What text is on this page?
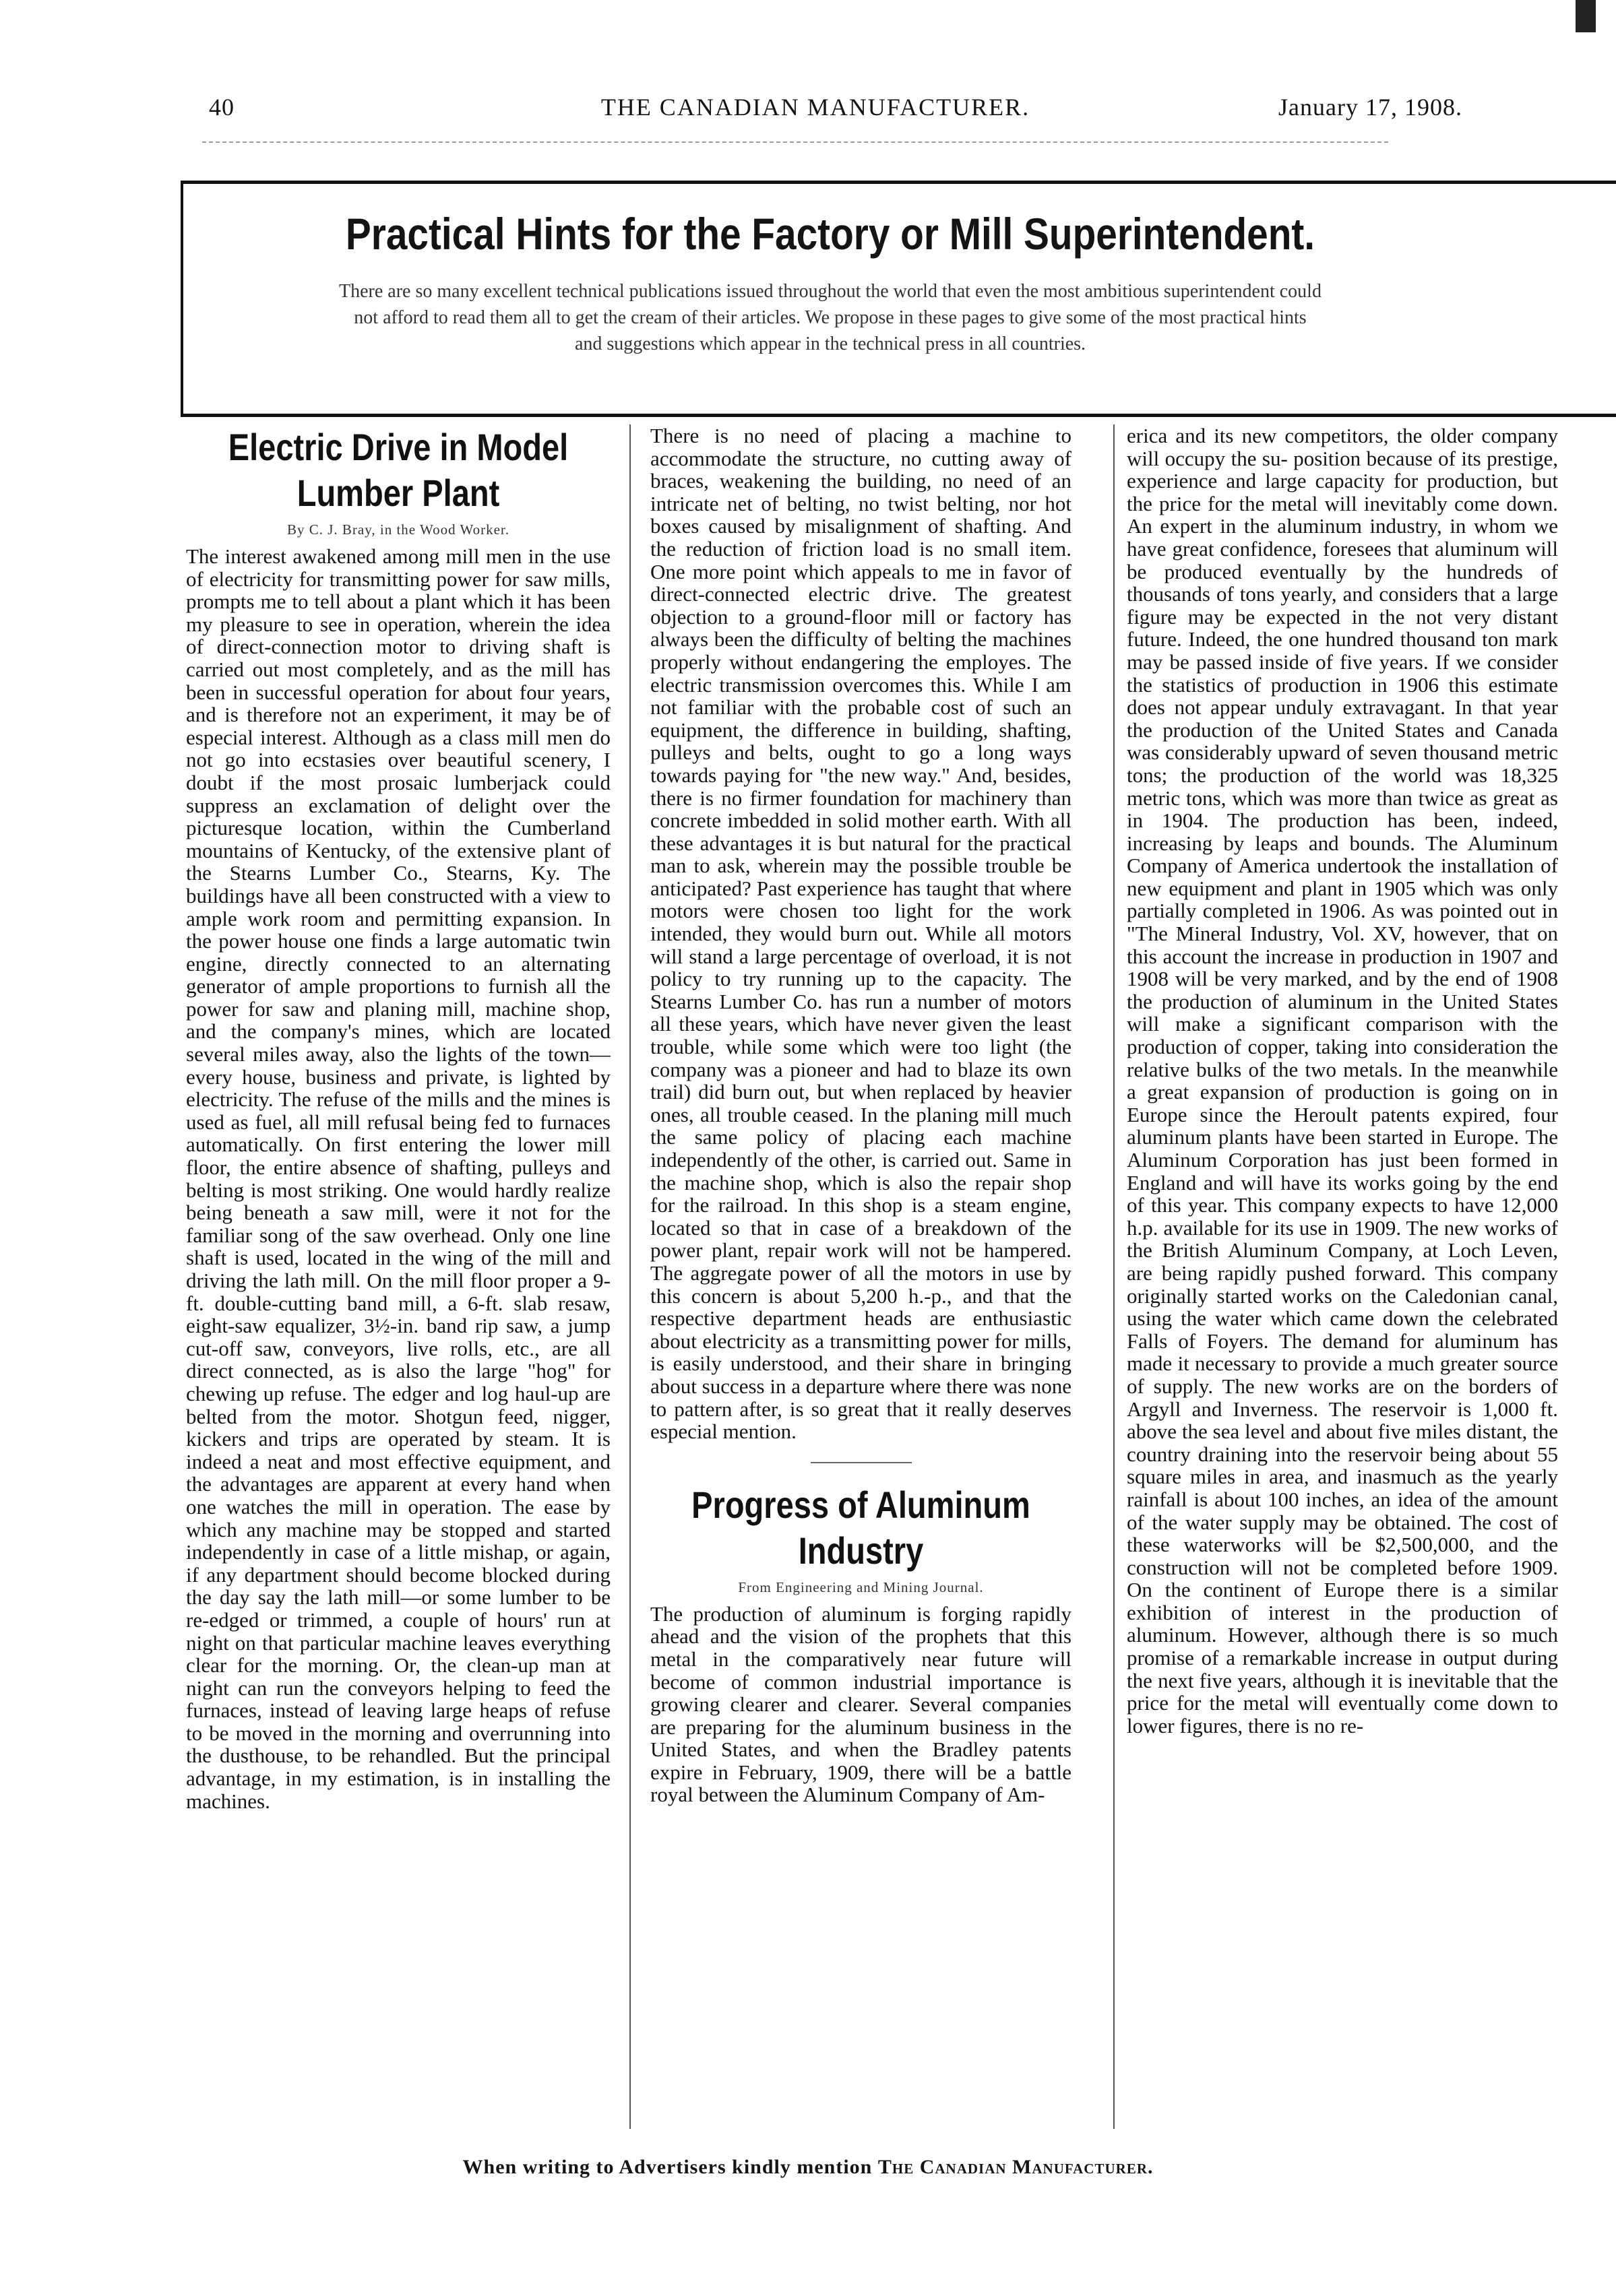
40	THE CANADIAN MANUFACTURER.	January 17, 1908.
Practical Hints for the Factory or Mill Superintendent.

There are so many excellent technical publications issued throughout the world that even the most ambitious superintendent could not afford to read them all to get the cream of their articles. We propose in these pages to give some of the most practical hints and suggestions which appear in the technical press in all countries.

Electric Drive in Model Lumber Plant
By C. J. Bray, in the Wood Worker.

The interest awakened among mill men in the use of electricity for transmitting power for saw mills, prompts me to tell about a plant which it has been my pleasure to see in operation, wherein the idea of direct-connection motor to driving shaft is carried out most completely, and as the mill has been in successful operation for about four years, and is therefore not an experiment, it may be of especial interest. Although as a class mill men do not go into ecstasies over beautiful scenery, I doubt if the most prosaic lumberjack could suppress an exclamation of delight over the picturesque location, within the Cumberland mountains of Kentucky, of the extensive plant of the Stearns Lumber Co., Stearns, Ky. The buildings have all been constructed with a view to ample work room and permitting expansion. In the power house one finds a large automatic twin engine, directly connected to an alternating generator of ample proportions to furnish all the power for saw and planing mill, machine shop, and the company's mines, which are located several miles away, also the lights of the town—every house, business and private, is lighted by electricity. The refuse of the mills and the mines is used as fuel, all mill refusal being fed to furnaces automatically. On first entering the lower mill floor, the entire absence of shafting, pulleys and belting is most striking. One would hardly realize being beneath a saw mill, were it not for the familiar song of the saw overhead. Only one line shaft is used, located in the wing of the mill and driving the lath mill. On the mill floor proper a 9-ft. double-cutting band mill, a 6-ft. slab resaw, eight-saw equalizer, 3½-in. band rip saw, a jump cut-off saw, conveyors, live rolls, etc., are all direct connected, as is also the large "hog" for chewing up refuse. The edger and log haul-up are belted from the motor. Shotgun feed, nigger, kickers and trips are operated by steam. It is indeed a neat and most effective equipment, and the advantages are apparent at every hand when one watches the mill in operation. The ease by which any machine may be stopped and started independently in case of a little mishap, or again, if any department should become blocked during the day say the lath mill—or some lumber to be re-edged or trimmed, a couple of hours' run at night on that particular machine leaves everything clear for the morning. Or, the clean-up man at night can run the conveyors helping to feed the furnaces, instead of leaving large heaps of refuse to be moved in the morning and overrunning into the dusthouse, to be rehandled. But the principal advantage, in my estimation, is in installing the machines.

There is no need of placing a machine to accommodate the structure, no cutting away of braces, weakening the building, no need of an intricate net of belting, no twist belting, nor hot boxes caused by misalignment of shafting. And the reduction of friction load is no small item. One more point which appeals to me in favor of direct-connected electric drive. The greatest objection to a ground-floor mill or factory has always been the difficulty of belting the machines properly without endangering the employes. The electric transmission overcomes this. While I am not familiar with the probable cost of such an equipment, the difference in building, shafting, pulleys and belts, ought to go a long ways towards paying for "the new way." And, besides, there is no firmer foundation for machinery than concrete imbedded in solid mother earth. With all these advantages it is but natural for the practical man to ask, wherein may the possible trouble be anticipated? Past experience has taught that where motors were chosen too light for the work intended, they would burn out. While all motors will stand a large percentage of overload, it is not policy to try running up to the capacity. The Stearns Lumber Co. has run a number of motors all these years, which have never given the least trouble, while some which were too light (the company was a pioneer and had to blaze its own trail) did burn out, but when replaced by heavier ones, all trouble ceased. In the planing mill much the same policy of placing each machine independently of the other, is carried out. Same in the machine shop, which is also the repair shop for the railroad. In this shop is a steam engine, located so that in case of a breakdown of the power plant, repair work will not be hampered. The aggregate power of all the motors in use by this concern is about 5,200 h.-p., and that the respective department heads are enthusiastic about electricity as a transmitting power for mills, is easily understood, and their share in bringing about success in a departure where there was none to pattern after, is so great that it really deserves especial mention.

Progress of Aluminum Industry
From Engineering and Mining Journal.

The production of aluminum is forging rapidly ahead and the vision of the prophets that this metal in the comparatively near future will become of common industrial importance is growing clearer and clearer. Several companies are preparing for the aluminum business in the United States, and when the Bradley patents expire in February, 1909, there will be a battle royal between the Aluminum Company of Am-

erica and its new competitors, the older company will occupy the su- position because of its prestige, experience and large capacity for production, but the price for the metal will inevitably come down. An expert in the aluminum industry, in whom we have great confidence, foresees that aluminum will be produced eventually by the hundreds of thousands of tons yearly, and considers that a large figure may be expected in the not very distant future. Indeed, the one hundred thousand ton mark may be passed inside of five years. If we consider the statistics of production in 1906 this estimate does not appear unduly extravagant. In that year the production of the United States and Canada was considerably upward of seven thousand metric tons; the production of the world was 18,325 metric tons, which was more than twice as great as in 1904. The production has been, indeed, increasing by leaps and bounds. The Aluminum Company of America undertook the installation of new equipment and plant in 1905 which was only partially completed in 1906. As was pointed out in "The Mineral Industry, Vol. XV, however, that on this account the increase in production in 1907 and 1908 will be very marked, and by the end of 1908 the production of aluminum in the United States will make a significant comparison with the production of copper, taking into consideration the relative bulks of the two metals. In the meanwhile a great expansion of production is going on in Europe since the Heroult patents expired, four aluminum plants have been started in Europe. The Aluminum Corporation has just been formed in England and will have its works going by the end of this year. This company expects to have 12,000 h.p. available for its use in 1909. The new works of the British Aluminum Company, at Loch Leven, are being rapidly pushed forward. This company originally started works on the Caledonian canal, using the water which came down the celebrated Falls of Foyers. The demand for aluminum has made it necessary to provide a much greater source of supply. The new works are on the borders of Argyll and Inverness. The reservoir is 1,000 ft. above the sea level and about five miles distant, the country draining into the reservoir being about 55 square miles in area, and inasmuch as the yearly rainfall is about 100 inches, an idea of the amount of the water supply may be obtained. The cost of these waterworks will be $2,500,000, and the construction will not be completed before 1909. On the continent of Europe there is a similar exhibition of interest in the production of aluminum. However, although there is so much promise of a remarkable increase in output during the next five years, although it is inevitable that the price for the metal will eventually come down to lower figures, there is no re-

When writing to Advertisers kindly mention The Canadian Manufacturer.
